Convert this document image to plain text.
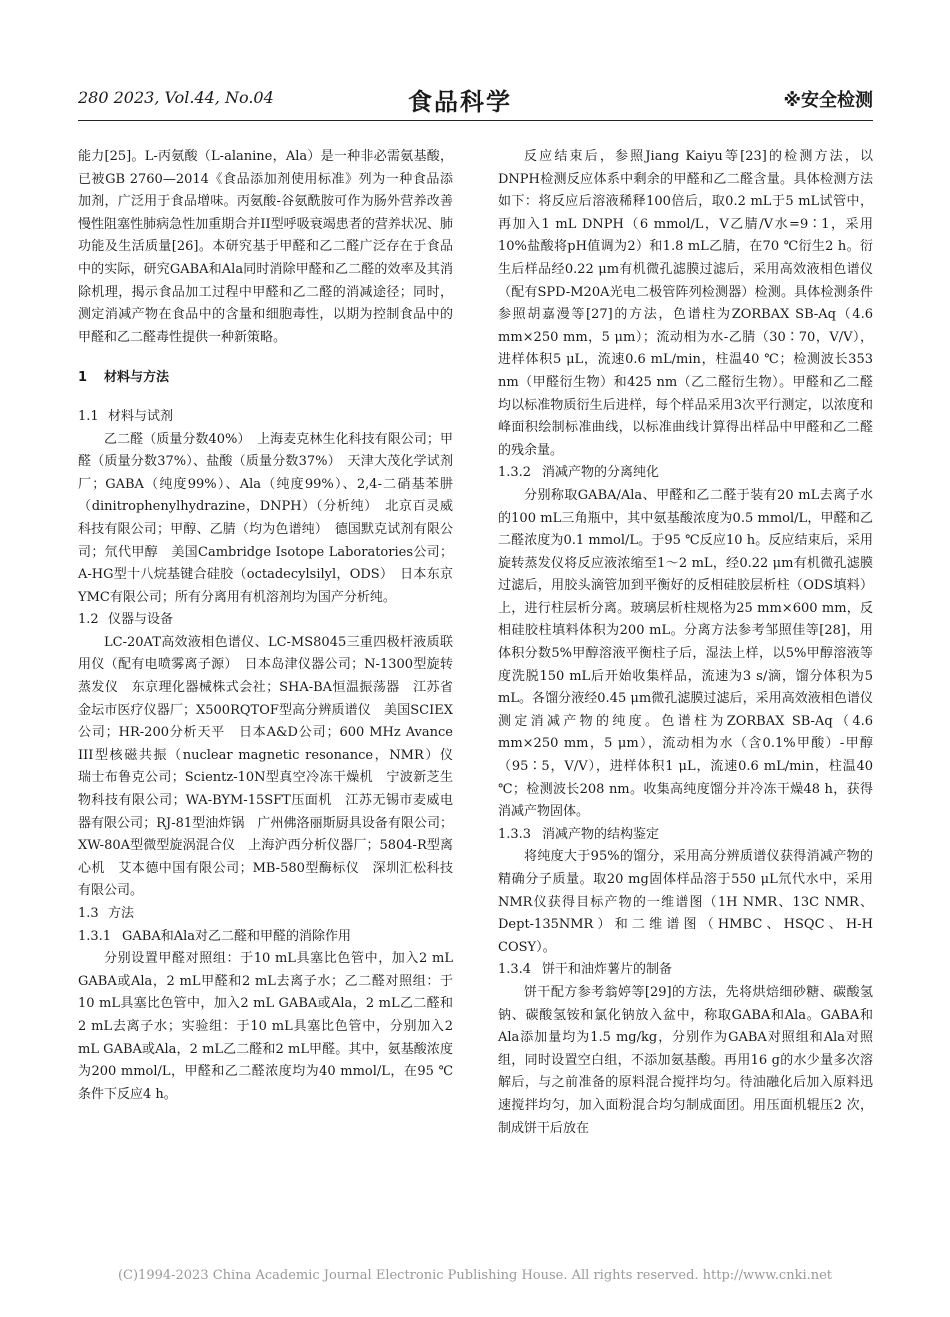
280 2023, Vol.44, No.04	食品科学	※安全检测

能力[25]。L-丙氨酸（L-alanine，Ala）是一种非必需氨基酸，已被GB 2760—2014《食品添加剂使用标准》列为一种食品添加剂，广泛用于食品增味。丙氨酸-谷氨酰胺可作为肠外营养改善慢性阻塞性肺病急性加重期合并II型呼吸衰竭患者的营养状况、肺功能及生活质量[26]。本研究基于甲醛和乙二醛广泛存在于食品中的实际，研究GABA和Ala同时消除甲醛和乙二醛的效率及其消除机理，揭示食品加工过程中甲醛和乙二醛的消减途径；同时，测定消减产物在食品中的含量和细胞毒性，以期为控制食品中的甲醛和乙二醛毒性提供一种新策略。

1 材料与方法
1.1 材料与试剂

乙二醛（质量分数40%）　上海麦克林生化科技有限公司；甲醛（质量分数37%）、盐酸（质量分数37%）　天津大茂化学试剂厂；GABA（纯度99%）、Ala（纯度99%）、2,4-二硝基苯肼（dinitrophenylhydrazine，DNPH）（分析纯）　北京百灵威科技有限公司；甲醇、乙腈（均为色谱纯）　德国默克试剂有限公司；氘代甲醇　美国Cambridge Isotope Laboratories公司；A-HG型十八烷基键合硅胶（octadecylsilyl，ODS）　日本东京YMC有限公司；所有分离用有机溶剂均为国产分析纯。

1.2 仪器与设备

LC-20AT高效液相色谱仪、LC-MS8045三重四极杆液质联用仪（配有电喷雾离子源）　日本岛津仪器公司；N-1300型旋转蒸发仪　东京理化器械株式会社；SHA-BA恒温振荡器　江苏省金坛市医疗仪器厂；X500RQTOF型高分辨质谱仪　美国SCIEX公司；HR-200分析天平　日本A&D公司；600 MHz Avance III型核磁共振（nuclear magnetic resonance，NMR）仪　瑞士布鲁克公司；Scientz-10N型真空冷冻干燥机　宁波新芝生物科技有限公司；WA-BYM-15SFT压面机　江苏无锡市麦威电器有限公司；RJ-81型油炸锅　广州佛洛丽斯厨具设备有限公司；XW-80A型微型旋涡混合仪　上海沪西分析仪器厂；5804-R型离心机　艾本德中国有限公司；MB-580型酶标仪　深圳汇松科技有限公司。

1.3 方法
1.3.1 GABA和Ala对乙二醛和甲醛的消除作用

分别设置甲醛对照组：于10 mL具塞比色管中，加入2 mL GABA或Ala，2 mL甲醛和2 mL去离子水；乙二醛对照组：于10 mL具塞比色管中，加入2 mL GABA或Ala，2 mL乙二醛和2 mL去离子水；实验组：于10 mL具塞比色管中，分别加入2 mL GABA或Ala，2 mL乙二醛和2 mL甲醛。其中，氨基酸浓度为200 mmol/L，甲醛和乙二醛浓度均为40 mmol/L，在95 ℃条件下反应4 h。

反应结束后，参照Jiang Kaiyu等[23]的检测方法，以DNPH检测反应体系中剩余的甲醛和乙二醛含量。具体检测方法如下：将反应后溶液稀释100倍后，取0.2 mL于5 mL试管中，再加入1 mL DNPH（6 mmol/L，V乙腈/V水=9∶1，采用10%盐酸将pH值调为2）和1.8 mL乙腈，在70 ℃衍生2 h。衍生后样品经0.22 μm有机微孔滤膜过滤后，采用高效液相色谱仪（配有SPD-M20A光电二极管阵列检测器）检测。具体检测条件参照胡嘉漫等[27]的方法，色谱柱为ZORBAX SB-Aq（4.6 mm×250 mm，5 μm）；流动相为水-乙腈（30∶70，V/V），进样体积5 μL，流速0.6 mL/min，柱温40 ℃；检测波长353 nm（甲醛衍生物）和425 nm（乙二醛衍生物）。甲醛和乙二醛均以标准物质衍生后进样，每个样品采用3次平行测定，以浓度和峰面积绘制标准曲线，以标准曲线计算得出样品中甲醛和乙二醛的残余量。

1.3.2 消减产物的分离纯化

分别称取GABA/Ala、甲醛和乙二醛于装有20 mL去离子水的100 mL三角瓶中，其中氨基酸浓度为0.5 mmol/L，甲醛和乙二醛浓度为0.1 mmol/L。于95 ℃反应10 h。反应结束后，采用旋转蒸发仪将反应液浓缩至1～2 mL，经0.22 μm有机微孔滤膜过滤后，用胶头滴管加到平衡好的反相硅胶层析柱（ODS填料）上，进行柱层析分离。玻璃层析柱规格为25 mm×600 mm，反相硅胶柱填料体积为200 mL。分离方法参考邹照佳等[28]，用体积分数5%甲醇溶液平衡柱子后，湿法上样，以5%甲醇溶液等度洗脱150 mL后开始收集样品，流速为3 s/滴，馏分体积为5 mL。各馏分液经0.45 μm微孔滤膜过滤后，采用高效液相色谱仪测定消减产物的纯度。色谱柱为ZORBAX SB-Aq（4.6 mm×250 mm，5 μm），流动相为水（含0.1%甲酸）-甲醇（95∶5，V/V），进样体积1 μL，流速0.6 mL/min，柱温40 ℃；检测波长208 nm。收集高纯度馏分并冷冻干燥48 h，获得消减产物固体。

1.3.3 消减产物的结构鉴定

将纯度大于95%的馏分，采用高分辨质谱仪获得消减产物的精确分子质量。取20 mg固体样品溶于550 μL氘代水中，采用NMR仪获得目标产物的一维谱图（1H NMR、13C NMR、Dept-135NMR）和二维谱图（HMBC、HSQC、H-H COSY）。

1.3.4 饼干和油炸薯片的制备

饼干配方参考翁婷等[29]的方法，先将烘焙细砂糖、碳酸氢钠、碳酸氢铵和氯化钠放入盆中，称取GABA和Ala。GABA和Ala添加量均为1.5 mg/kg，分别作为GABA对照组和Ala对照组，同时设置空白组，不添加氨基酸。再用16 g的水少量多次溶解后，与之前准备的原料混合搅拌均匀。待油融化后加入原料迅速搅拌均匀，加入面粉混合均匀制成面团。用压面机辊压2 次，制成饼干后放在

(C)1994-2023 China Academic Journal Electronic Publishing House. All rights reserved. http://www.cnki.net
